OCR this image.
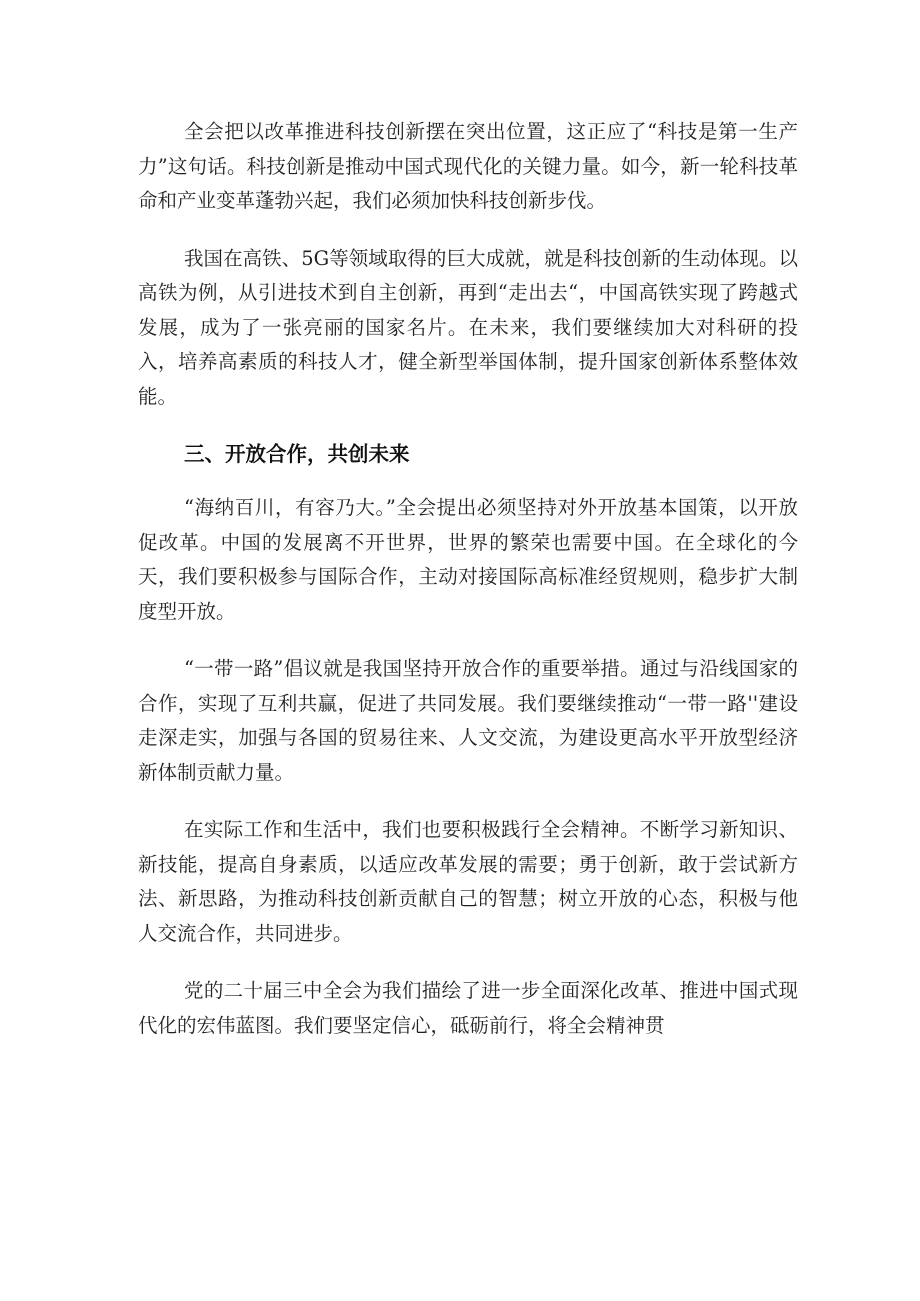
全会把以改革推进科技创新摆在突出位置，这正应了“科技是第一生产力”这句话。科技创新是推动中国式现代化的关键力量。如今，新一轮科技革命和产业变革蓬勃兴起，我们必须加快科技创新步伐。

我国在高铁、5G等领域取得的巨大成就，就是科技创新的生动体现。以高铁为例，从引进技术到自主创新，再到“走出去“，中国高铁实现了跨越式发展，成为了一张亮丽的国家名片。在未来，我们要继续加大对科研的投入，培养高素质的科技人才，健全新型举国体制，提升国家创新体系整体效能。

三、开放合作，共创未来

“海纳百川，有容乃大。”全会提出必须坚持对外开放基本国策，以开放促改革。中国的发展离不开世界，世界的繁荣也需要中国。在全球化的今天，我们要积极参与国际合作，主动对接国际高标准经贸规则，稳步扩大制度型开放。

“一带一路”倡议就是我国坚持开放合作的重要举措。通过与沿线国家的合作，实现了互利共赢，促进了共同发展。我们要继续推动“一带一路''建设走深走实，加强与各国的贸易往来、人文交流，为建设更高水平开放型经济新体制贡献力量。

在实际工作和生活中，我们也要积极践行全会精神。不断学习新知识、新技能，提高自身素质，以适应改革发展的需要；勇于创新，敢于尝试新方法、新思路，为推动科技创新贡献自己的智慧；树立开放的心态，积极与他人交流合作，共同进步。

党的二十届三中全会为我们描绘了进一步全面深化改革、推进中国式现代化的宏伟蓝图。我们要坚定信心，砥砺前行，将全会精神贯
